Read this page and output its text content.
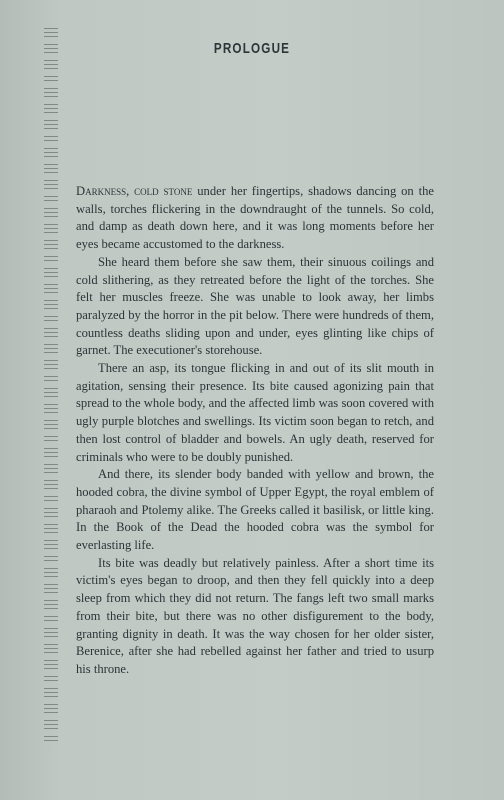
PROLOGUE

Darkness, cold stone under her fingertips, shadows dancing on the walls, torches flickering in the downdraught of the tunnels. So cold, and damp as death down here, and it was long moments before her eyes became accustomed to the darkness.

She heard them before she saw them, their sinuous coilings and cold slithering, as they retreated before the light of the torches. She felt her muscles freeze. She was unable to look away, her limbs paralyzed by the horror in the pit below. There were hundreds of them, countless deaths sliding upon and under, eyes glinting like chips of garnet. The executioner's storehouse.

There an asp, its tongue flicking in and out of its slit mouth in agitation, sensing their presence. Its bite caused agonizing pain that spread to the whole body, and the affected limb was soon covered with ugly purple blotches and swellings. Its victim soon began to retch, and then lost control of bladder and bowels. An ugly death, reserved for criminals who were to be doubly punished.

And there, its slender body banded with yellow and brown, the hooded cobra, the divine symbol of Upper Egypt, the royal emblem of pharaoh and Ptolemy alike. The Greeks called it basilisk, or little king. In the Book of the Dead the hooded cobra was the symbol for everlasting life.

Its bite was deadly but relatively painless. After a short time its victim's eyes began to droop, and then they fell quickly into a deep sleep from which they did not return. The fangs left two small marks from their bite, but there was no other disfigurement to the body, granting dignity in death. It was the way chosen for her older sister, Berenice, after she had rebelled against her father and tried to usurp his throne.
